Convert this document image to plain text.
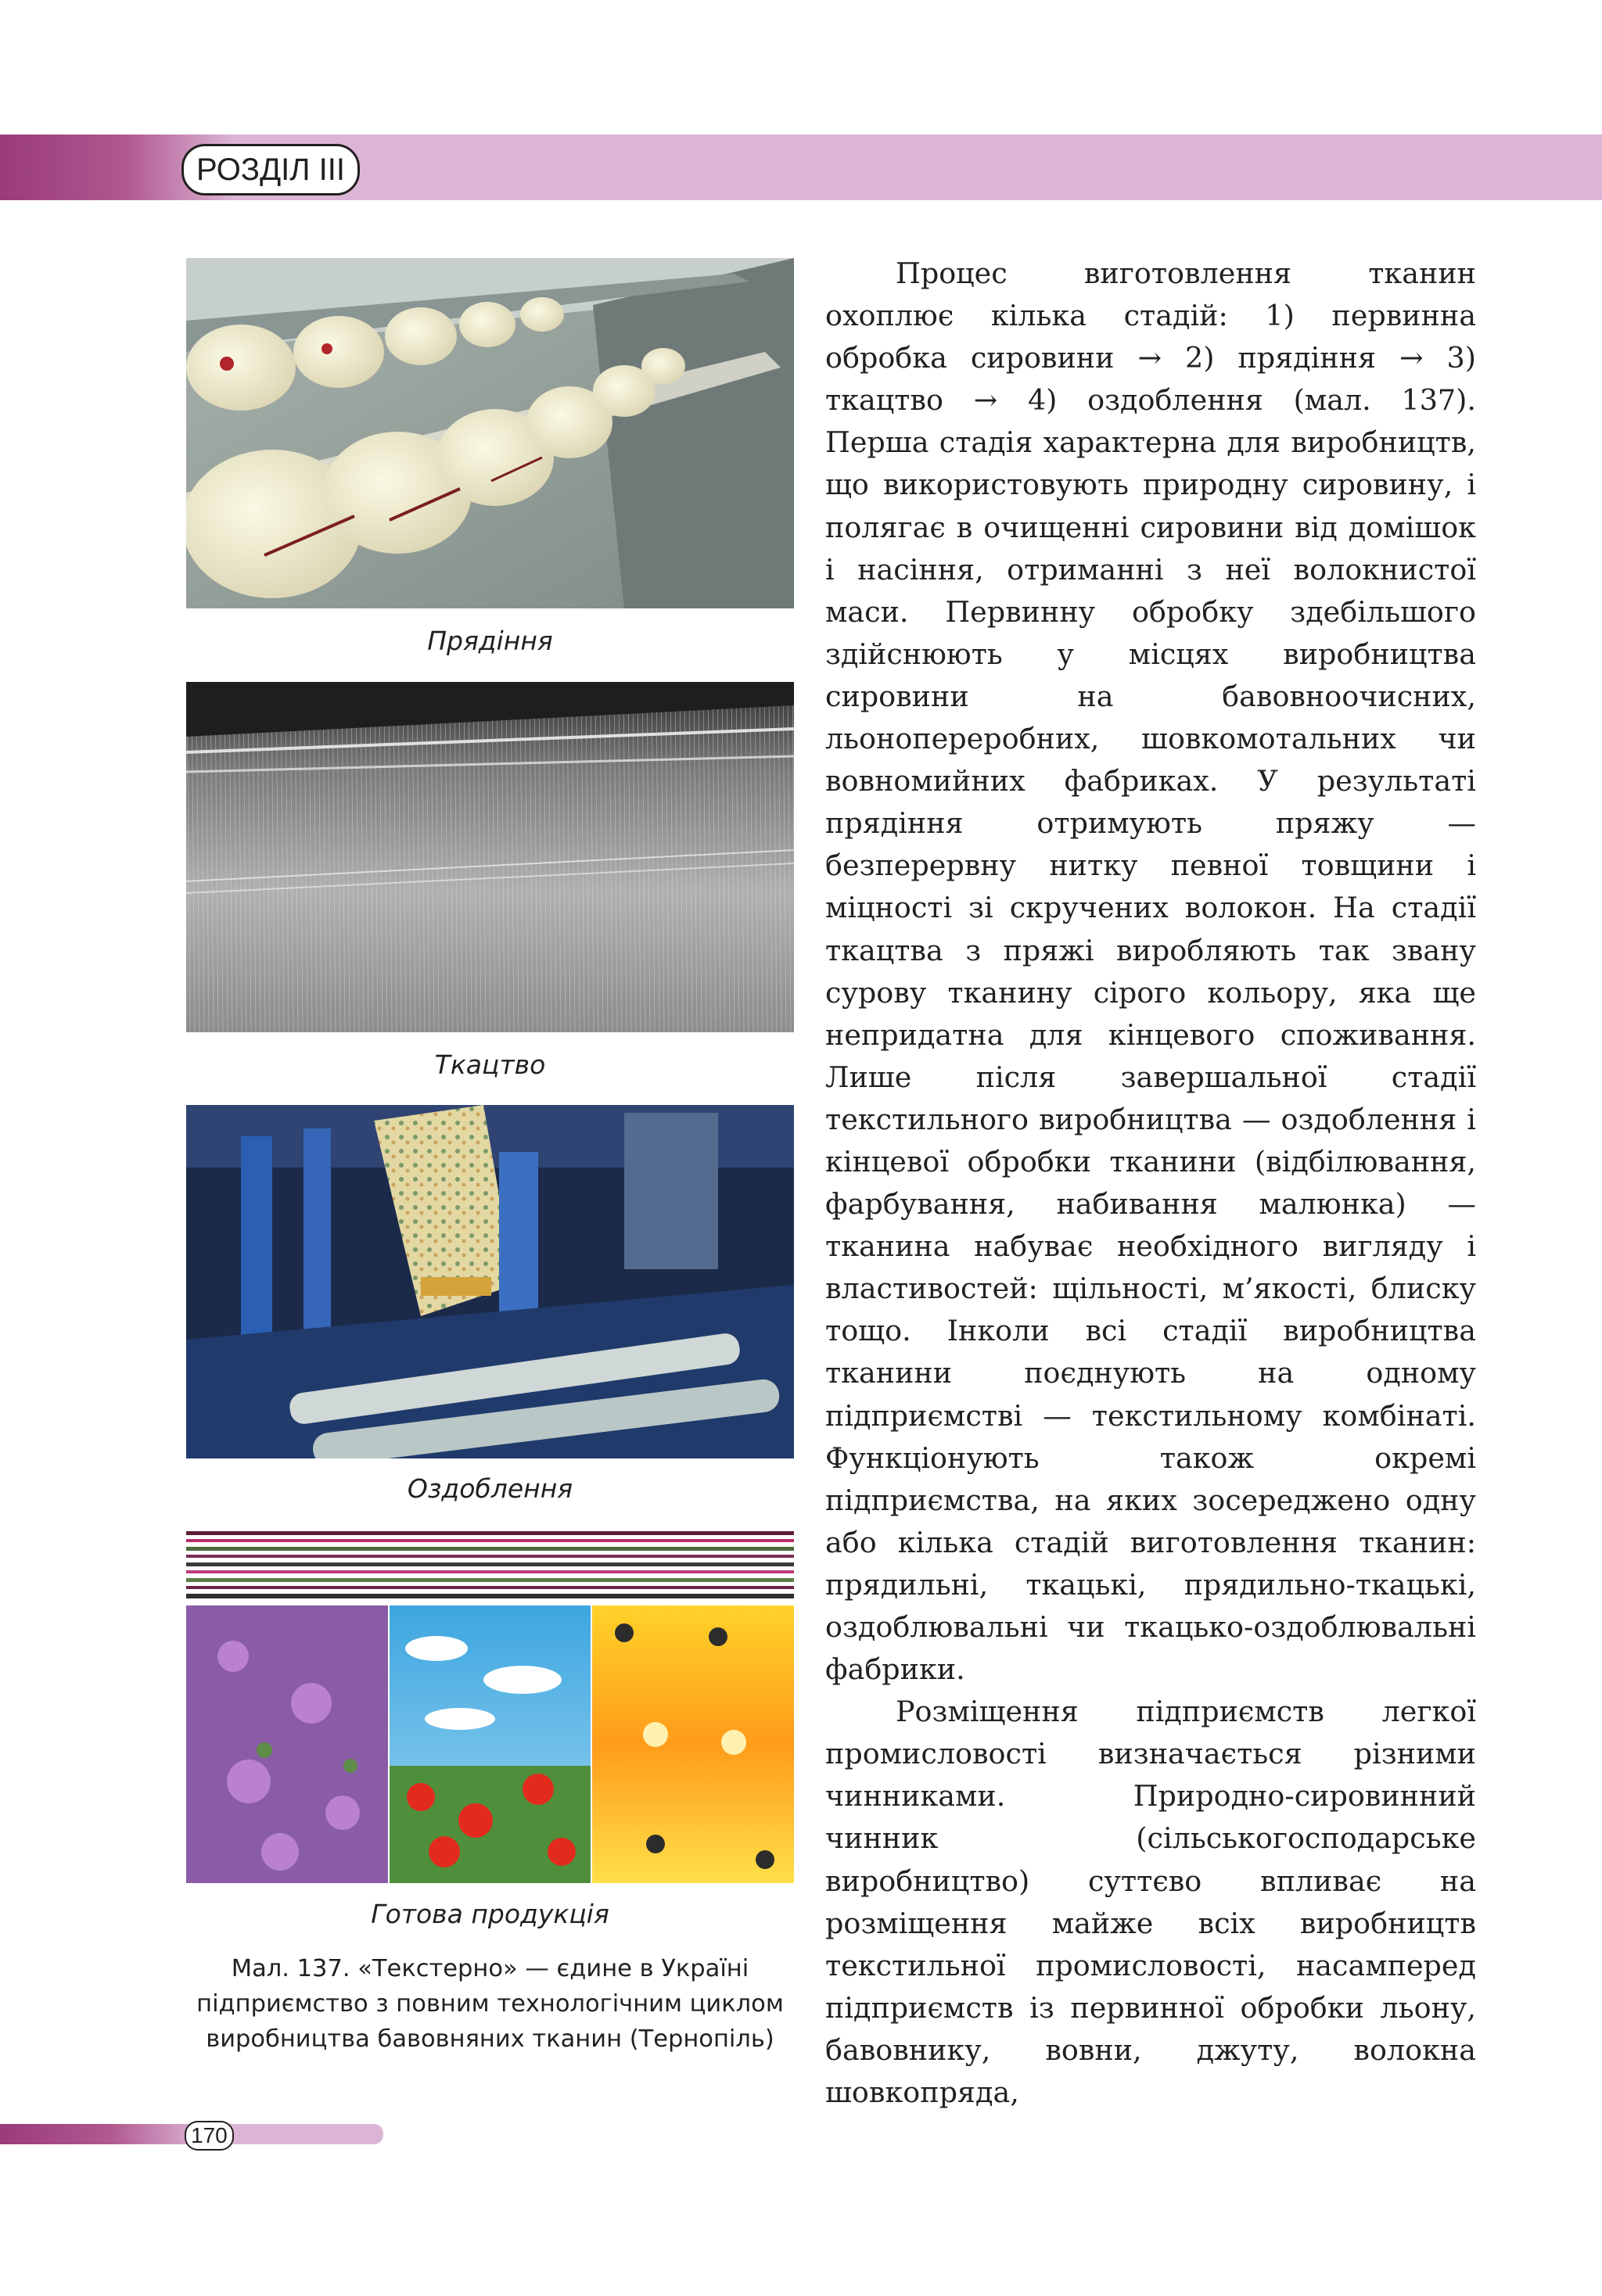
РОЗДІЛ ІІІ
Прядіння
Ткацтво
Оздоблення
Готова продукція
Мал. 137. «Текстерно» — єдине в Україні підприємство з повним технологічним циклом виробництва бавовняних тканин (Тернопіль)

Процес виготовлення тканин охоплює кілька стадій: 1) первинна обробка сировини → 2) прядіння → 3) ткацтво → 4) оздоблення (мал. 137). Перша стадія характерна для виробництв, що використовують природну сировину, і полягає в очищенні сировини від домішок і насіння, отриманні з неї волокнистої маси. Первинну обробку здебільшого здійснюють у місцях виробництва сировини на бавовноочисних, льонопереробних, шовкомотальних чи вовномийних фабриках. У результаті прядіння отримують пряжу — безперервну нитку певної товщини і міцності зі скручених волокон. На стадії ткацтва з пряжі виробляють так звану сурову тканину сірого кольору, яка ще непридатна для кінцевого споживання. Лише після завершальної стадії текстильного виробництва — оздоблення і кінцевої обробки тканини (відбілювання, фарбування, набивання малюнка) — тканина набуває необхідного вигляду і властивостей: щільності, м’якості, блиску тощо. Інколи всі стадії виробництва тканини поєднують на одному підприємстві — текстильному комбінаті. Функціонують також окремі підприємства, на яких зосереджено одну або кілька стадій виготовлення тканин: прядильні, ткацькі, прядильно-ткацькі, оздоблювальні чи ткацько-оздоблювальні фабрики.

Розміщення підприємств легкої промисловості визначається різними чинниками. Природно-сировинний чинник (сільськогосподарське виробництво) суттєво впливає на розміщення майже всіх виробництв текстильної промисловості, насамперед підприємств із первинної обробки льону, бавовнику, вовни, джуту, волокна шовкопряда,

170
